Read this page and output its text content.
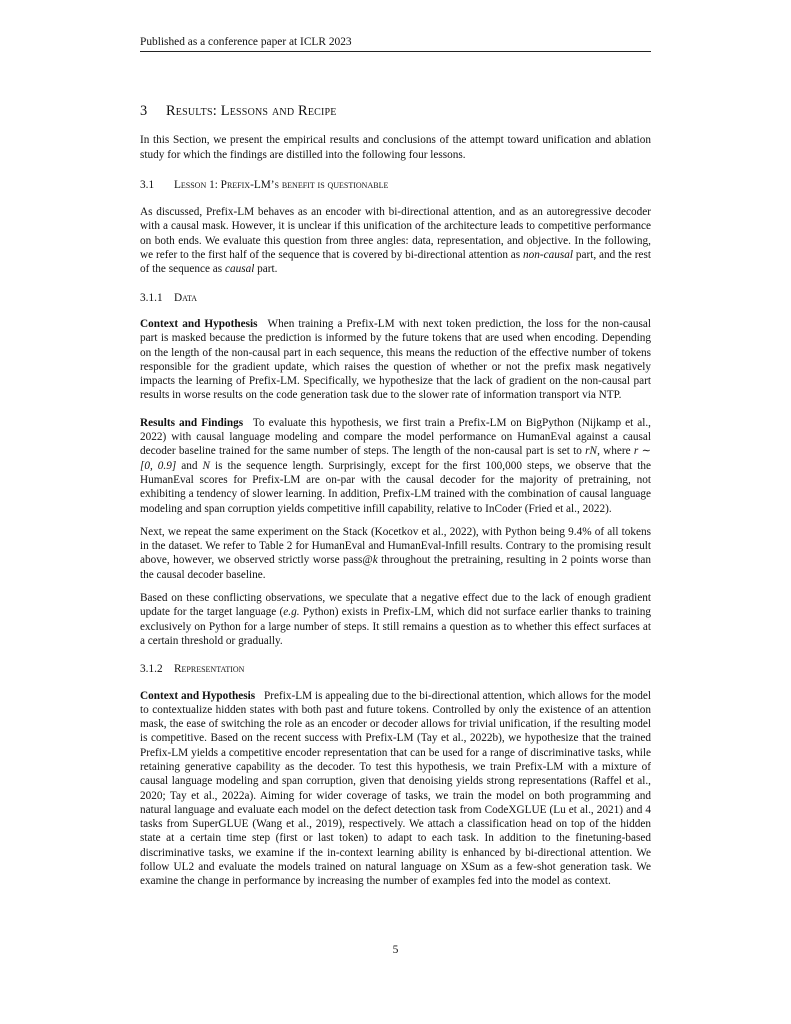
Published as a conference paper at ICLR 2023
3 Results: Lessons and Recipe

In this Section, we present the empirical results and conclusions of the attempt toward unification and ablation study for which the findings are distilled into the following four lessons.

3.1 Lesson 1: Prefix-LM’s benefit is questionable

As discussed, Prefix-LM behaves as an encoder with bi-directional attention, and as an autoregressive decoder with a causal mask. However, it is unclear if this unification of the architecture leads to competitive performance on both ends. We evaluate this question from three angles: data, representation, and objective. In the following, we refer to the first half of the sequence that is covered by bi-directional attention as non-causal part, and the rest of the sequence as causal part.

3.1.1 Data

Context and Hypothesis When training a Prefix-LM with next token prediction, the loss for the non-causal part is masked because the prediction is informed by the future tokens that are used when encoding. Depending on the length of the non-causal part in each sequence, this means the reduction of the effective number of tokens responsible for the gradient update, which raises the question of whether or not the prefix mask negatively impacts the learning of Prefix-LM. Specifically, we hypothesize that the lack of gradient on the non-causal part results in worse results on the code generation task due to the slower rate of information transport via NTP.

Results and Findings To evaluate this hypothesis, we first train a Prefix-LM on BigPython (Nijkamp et al., 2022) with causal language modeling and compare the model performance on HumanEval against a causal decoder baseline trained for the same number of steps. The length of the non-causal part is set to rN, where r ∼ [0, 0.9] and N is the sequence length. Surprisingly, except for the first 100,000 steps, we observe that the HumanEval scores for Prefix-LM are on-par with the causal decoder for the majority of pretraining, not exhibiting a tendency of slower learning. In addition, Prefix-LM trained with the combination of causal language modeling and span corruption yields competitive infill capability, relative to InCoder (Fried et al., 2022).

Next, we repeat the same experiment on the Stack (Kocetkov et al., 2022), with Python being 9.4% of all tokens in the dataset. We refer to Table 2 for HumanEval and HumanEval-Infill results. Contrary to the promising result above, however, we observed strictly worse pass@k throughout the pretraining, resulting in 2 points worse than the causal decoder baseline.

Based on these conflicting observations, we speculate that a negative effect due to the lack of enough gradient update for the target language (e.g. Python) exists in Prefix-LM, which did not surface earlier thanks to training exclusively on Python for a large number of steps. It still remains a question as to whether this effect surfaces at a certain threshold or gradually.

3.1.2 Representation

Context and Hypothesis Prefix-LM is appealing due to the bi-directional attention, which allows for the model to contextualize hidden states with both past and future tokens. Controlled by only the existence of an attention mask, the ease of switching the role as an encoder or decoder allows for trivial unification, if the resulting model is competitive. Based on the recent success with Prefix-LM (Tay et al., 2022b), we hypothesize that the trained Prefix-LM yields a competitive encoder representation that can be used for a range of discriminative tasks, while retaining generative capability as the decoder. To test this hypothesis, we train Prefix-LM with a mixture of causal language modeling and span corruption, given that denoising yields strong representations (Raffel et al., 2020; Tay et al., 2022a). Aiming for wider coverage of tasks, we train the model on both programming and natural language and evaluate each model on the defect detection task from CodeXGLUE (Lu et al., 2021) and 4 tasks from SuperGLUE (Wang et al., 2019), respectively. We attach a classification head on top of the hidden state at a certain time step (first or last token) to adapt to each task. In addition to the finetuning-based discriminative tasks, we examine if the in-context learning ability is enhanced by bi-directional attention. We follow UL2 and evaluate the models trained on natural language on XSum as a few-shot generation task. We examine the change in performance by increasing the number of examples fed into the model as context.

5
